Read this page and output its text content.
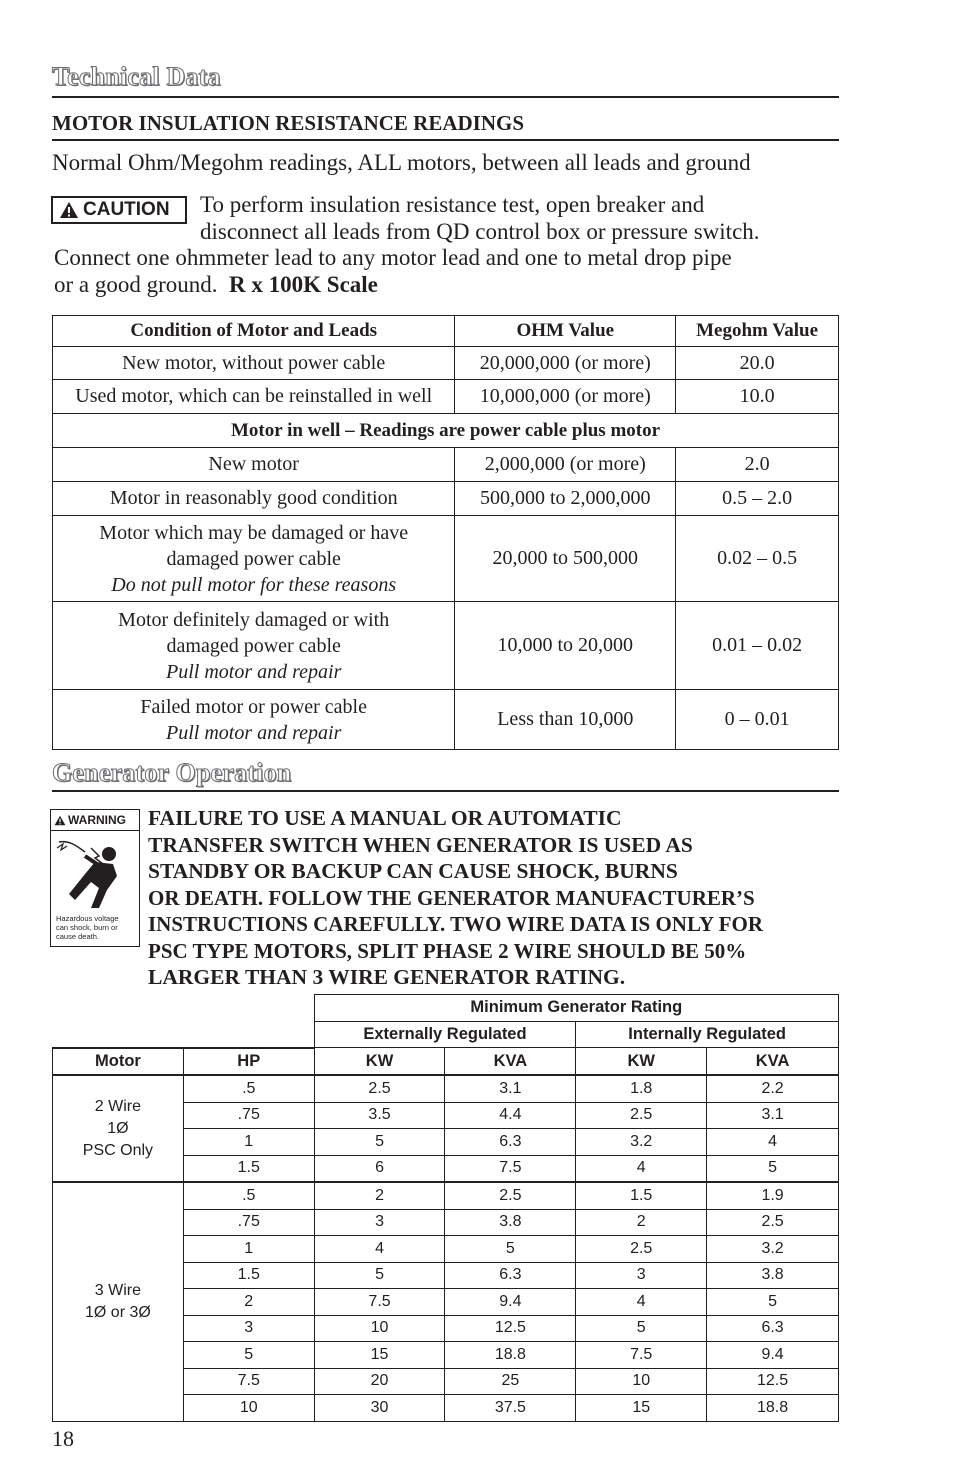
Technical Data
MOTOR INSULATION RESISTANCE READINGS
Normal Ohm/Megohm readings, ALL motors, between all leads and ground
CAUTION To perform insulation resistance test, open breaker and
disconnect all leads from QD control box or pressure switch.
Connect one ohmmeter lead to any motor lead and one to metal drop pipe
or a good ground. R x 100K Scale
Condition of Motor and Leads	OHM Value	Megohm Value
New motor, without power cable	20,000,000 (or more)	20.0
Used motor, which can be reinstalled in well	10,000,000 (or more)	10.0
Motor in well – Readings are power cable plus motor		
New motor	2,000,000 (or more)	2.0
Motor in reasonably good condition	500,000 to 2,000,000	0.5 – 2.0

Motor which may be damaged or have
damaged power cable
Do not pull motor for these reasons	20,000 to 500,000	0.02 – 0.5

Motor definitely damaged or with
damaged power cable
Pull motor and repair	10,000 to 20,000	0.01 – 0.02

Failed motor or power cable
Pull motor and repair	Less than 10,000	0 – 0.01
Generator Operation
WARNING
Hazardous voltage
can shock, burn or
cause death.
FAILURE TO USE A MANUAL OR AUTOMATIC
TRANSFER SWITCH WHEN GENERATOR IS USED AS
STANDBY OR BACKUP CAN CAUSE SHOCK, BURNS
OR DEATH. FOLLOW THE GENERATOR MANUFACTURER’S
INSTRUCTIONS CAREFULLY. TWO WIRE DATA IS ONLY FOR
PSC TYPE MOTORS, SPLIT PHASE 2 WIRE SHOULD BE 50%
LARGER THAN 3 WIRE GENERATOR RATING.
		Minimum Generator Rating			
		Externally Regulated		Internally Regulated	
Motor	HP	KW	KVA	KW	KVA

2 Wire
1Ø
PSC Only	.5	2.5	3.1	1.8	2.2
	.75	3.5	4.4	2.5	3.1
	1	5	6.3	3.2	4
	1.5	6	7.5	4	5

3 Wire
1Ø or 3Ø	.5	2	2.5	1.5	1.9
	.75	3	3.8	2	2.5
	1	4	5	2.5	3.2
	1.5	5	6.3	3	3.8
	2	7.5	9.4	4	5
	3	10	12.5	5	6.3
	5	15	18.8	7.5	9.4
	7.5	20	25	10	12.5
	10	30	37.5	15	18.8
18
